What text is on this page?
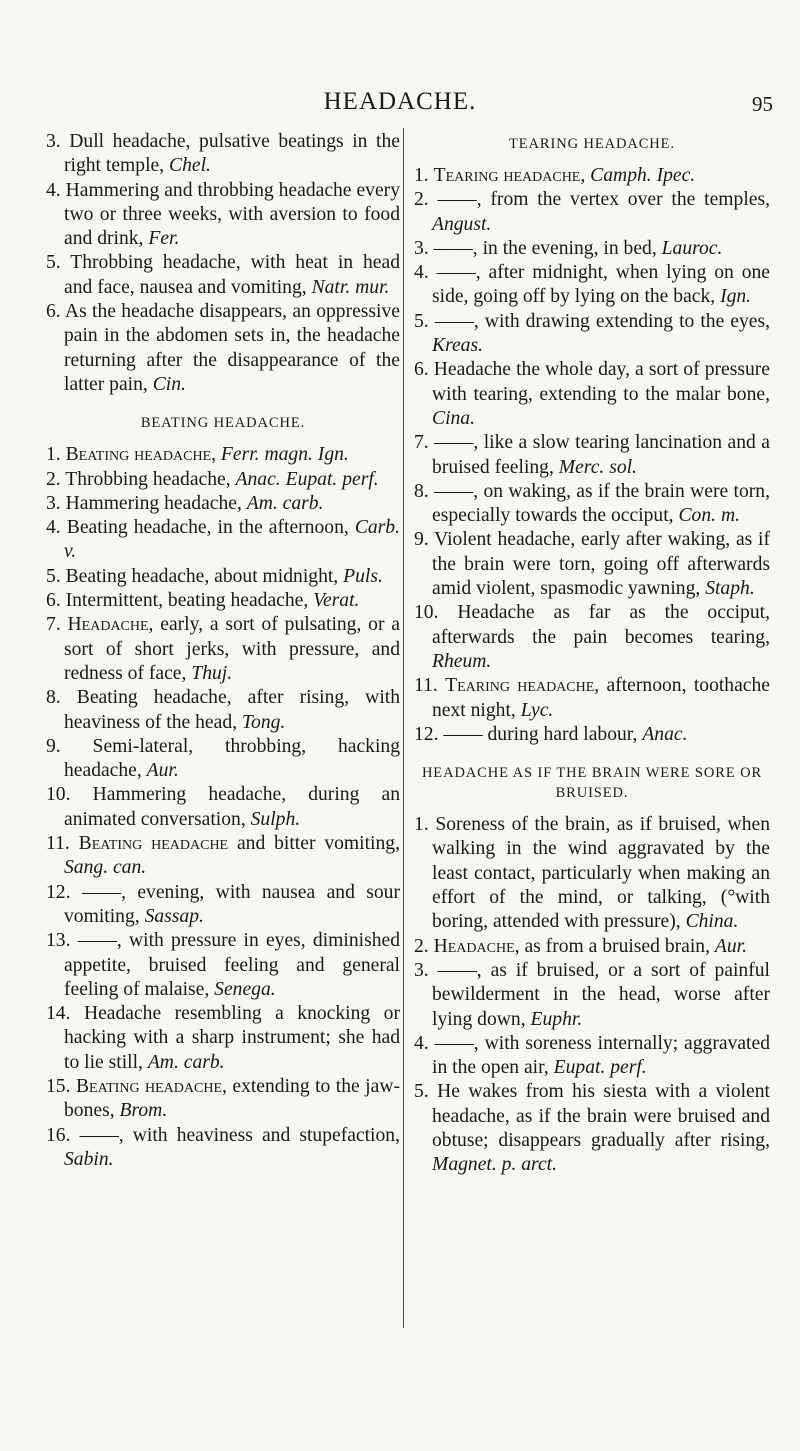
HEADACHE.	95

3. Dull headache, pulsative beatings in the right temple, Chel.

4. Hammering and throbbing headache every two or three weeks, with aversion to food and drink, Fer.

5. Throbbing headache, with heat in head and face, nausea and vomiting, Natr. mur.

6. As the headache disappears, an oppressive pain in the abdomen sets in, the headache returning after the disappearance of the latter pain, Cin.

BEATING HEADACHE.

1. Beating headache, Ferr. magn. Ign.

2. Throbbing headache, Anac. Eupat. perf.

3. Hammering headache, Am. carb.

4. Beating headache, in the afternoon, Carb. v.

5. Beating headache, about midnight, Puls.

6. Intermittent, beating headache, Verat.

7. Headache, early, a sort of pulsating, or a sort of short jerks, with pressure, and redness of face, Thuj.

8. Beating headache, after rising, with heaviness of the head, Tong.

9. Semi-lateral, throbbing, hacking headache, Aur.

10. Hammering headache, during an animated conversation, Sulph.

11. Beating headache and bitter vomiting, Sang. can.

12. ——, evening, with nausea and sour vomiting, Sassap.

13. ——, with pressure in eyes, diminished appetite, bruised feeling and general feeling of malaise, Senega.

14. Headache resembling a knocking or hacking with a sharp instrument; she had to lie still, Am. carb.

15. Beating headache, extending to the jaw-bones, Brom.

16. ——, with heaviness and stupefaction, Sabin.

TEARING HEADACHE.

1. Tearing headache, Camph. Ipec.

2. ——, from the vertex over the temples, Angust.

3. ——, in the evening, in bed, Lauroc.

4. ——, after midnight, when lying on one side, going off by lying on the back, Ign.

5. ——, with drawing extending to the eyes, Kreas.

6. Headache the whole day, a sort of pressure with tearing, extending to the malar bone, Cina.

7. ——, like a slow tearing lancination and a bruised feeling, Merc. sol.

8. ——, on waking, as if the brain were torn, especially towards the occiput, Con. m.

9. Violent headache, early after waking, as if the brain were torn, going off afterwards amid violent, spasmodic yawning, Staph.

10. Headache as far as the occiput, afterwards the pain becomes tearing, Rheum.

11. Tearing headache, afternoon, toothache next night, Lyc.

12. —— during hard labour, Anac.

HEADACHE AS IF THE BRAIN WERE SORE OR BRUISED.

1. Soreness of the brain, as if bruised, when walking in the wind aggravated by the least contact, particularly when making an effort of the mind, or talking, (°with boring, attended with pressure), China.

2. Headache, as from a bruised brain, Aur.

3. ——, as if bruised, or a sort of painful bewilderment in the head, worse after lying down, Euphr.

4. ——, with soreness internally; aggravated in the open air, Eupat. perf.

5. He wakes from his siesta with a violent headache, as if the brain were bruised and obtuse; disappears gradually after rising, Magnet. p. arct.
